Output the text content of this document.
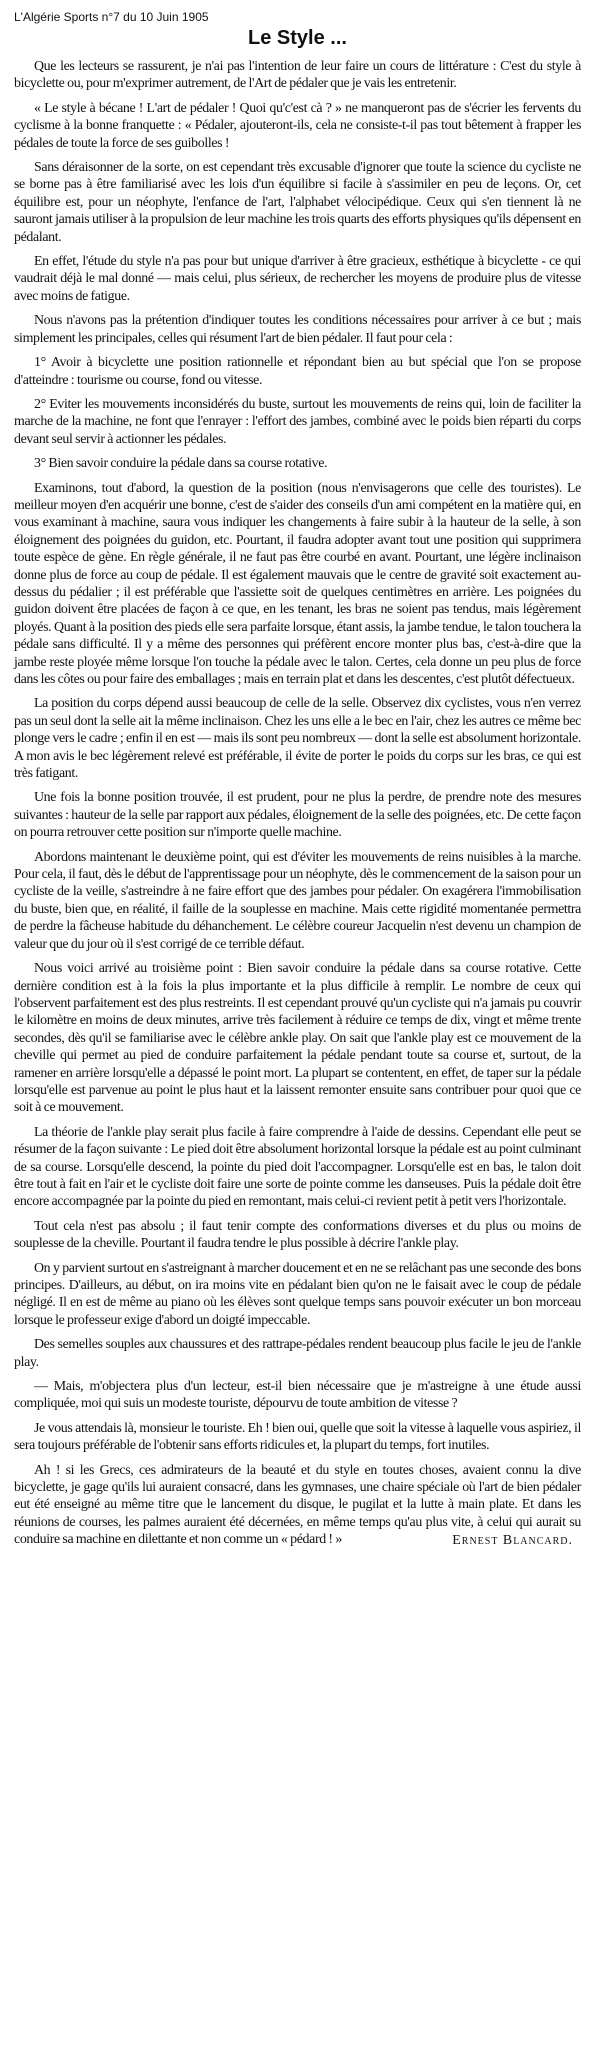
L'Algérie Sports n°7 du 10 Juin 1905
Le Style ...

Que les lecteurs se rassurent, je n'ai pas l'intention de leur faire un cours de littérature : C'est du style à bicyclette ou, pour m'exprimer autrement, de l'Art de pédaler que je vais les entretenir.

« Le style à bécane ! L'art de pédaler ! Quoi qu'c'est cà ? » ne manqueront pas de s'écrier les fervents du cyclisme à la bonne franquette : « Pédaler, ajouteront-ils, cela ne consiste-t-il pas tout bêtement à frapper les pédales de toute la force de ses guibolles !

Sans déraisonner de la sorte, on est cependant très excusable d'ignorer que toute la science du cycliste ne se borne pas à être familiarisé avec les lois d'un équilibre si facile à s'assimiler en peu de leçons. Or, cet équilibre est, pour un néophyte, l'enfance de l'art, l'alphabet vélocipédique. Ceux qui s'en tiennent là ne sauront jamais utiliser à la propulsion de leur machine les trois quarts des efforts physiques qu'ils dépensent en pédalant.

En effet, l'étude du style n'a pas pour but unique d'arriver à être gracieux, esthétique à bicyclette - ce qui vaudrait déjà le mal donné — mais celui, plus sérieux, de rechercher les moyens de produire plus de vitesse avec moins de fatigue.

Nous n'avons pas la prétention d'indiquer toutes les conditions nécessaires pour arriver à ce but ; mais simplement les principales, celles qui résument l'art de bien pédaler. Il faut pour cela :

1° Avoir à bicyclette une position rationnelle et répondant bien au but spécial que l'on se propose d'atteindre : tourisme ou course, fond ou vitesse.

2° Eviter les mouvements inconsidérés du buste, surtout les mouvements de reins qui, loin de faciliter la marche de la machine, ne font que l'enrayer : l'effort des jambes, combiné avec le poids bien réparti du corps devant seul servir à actionner les pédales.

3° Bien savoir conduire la pédale dans sa course rotative.

Examinons, tout d'abord, la question de la position (nous n'envisagerons que celle des touristes). Le meilleur moyen d'en acquérir une bonne, c'est de s'aider des conseils d'un ami compétent en la matière qui, en vous examinant à machine, saura vous indiquer les changements à faire subir à la hauteur de la selle, à son éloignement des poignées du guidon, etc. Pourtant, il faudra adopter avant tout une position qui supprimera toute espèce de gène. En règle générale, il ne faut pas être courbé en avant. Pourtant, une légère inclinaison donne plus de force au coup de pédale. Il est également mauvais que le centre de gravité soit exactement au-dessus du pédalier ; il est préférable que l'assiette soit de quelques centimètres en arrière. Les poignées du guidon doivent être placées de façon à ce que, en les tenant, les bras ne soient pas tendus, mais légèrement ployés. Quant à la position des pieds elle sera parfaite lorsque, étant assis, la jambe tendue, le talon touchera la pédale sans difficulté. Il y a même des personnes qui préfèrent encore monter plus bas, c'est-à-dire que la jambe reste ployée même lorsque l'on touche la pédale avec le talon. Certes, cela donne un peu plus de force dans les côtes ou pour faire des emballages ; mais en terrain plat et dans les descentes, c'est plutôt défectueux.

La position du corps dépend aussi beaucoup de celle de la selle. Observez dix cyclistes, vous n'en verrez pas un seul dont la selle ait la même inclinaison. Chez les uns elle a le bec en l'air, chez les autres ce même bec plonge vers le cadre ; enfin il en est — mais ils sont peu nombreux — dont la selle est absolument horizontale. A mon avis le bec légèrement relevé est préférable, il évite de porter le poids du corps sur les bras, ce qui est très fatigant.

Une fois la bonne position trouvée, il est prudent, pour ne plus la perdre, de prendre note des mesures suivantes : hauteur de la selle par rapport aux pédales, éloignement de la selle des poignées, etc. De cette façon on pourra retrouver cette position sur n'importe quelle machine.

Abordons maintenant le deuxième point, qui est d'éviter les mouvements de reins nuisibles à la marche. Pour cela, il faut, dès le début de l'apprentissage pour un néophyte, dès le commencement de la saison pour un cycliste de la veille, s'astreindre à ne faire effort que des jambes pour pédaler. On exagérera l'immobilisation du buste, bien que, en réalité, il faille de la souplesse en machine. Mais cette rigidité momentanée permettra de perdre la fâcheuse habitude du déhanchement. Le célèbre coureur Jacquelin n'est devenu un champion de valeur que du jour où il s'est corrigé de ce terrible défaut.

Nous voici arrivé au troisième point : Bien savoir conduire la pédale dans sa course rotative. Cette dernière condition est à la fois la plus importante et la plus difficile à remplir. Le nombre de ceux qui l'observent parfaitement est des plus restreints. Il est cependant prouvé qu'un cycliste qui n'a jamais pu couvrir le kilomètre en moins de deux minutes, arrive très facilement à réduire ce temps de dix, vingt et même trente secondes, dès qu'il se familiarise avec le célèbre ankle play. On sait que l'ankle play est ce mouvement de la cheville qui permet au pied de conduire parfaitement la pédale pendant toute sa course et, surtout, de la ramener en arrière lorsqu'elle a dépassé le point mort. La plupart se contentent, en effet, de taper sur la pédale lorsqu'elle est parvenue au point le plus haut et la laissent remonter ensuite sans contribuer pour quoi que ce soit à ce mouvement.

La théorie de l'ankle play serait plus facile à faire comprendre à l'aide de dessins. Cependant elle peut se résumer de la façon suivante : Le pied doit être absolument horizontal lorsque la pédale est au point culminant de sa course. Lorsqu'elle descend, la pointe du pied doit l'accompagner. Lorsqu'elle est en bas, le talon doit être tout à fait en l'air et le cycliste doit faire une sorte de pointe comme les danseuses. Puis la pédale doit être encore accompagnée par la pointe du pied en remontant, mais celui-ci revient petit à petit vers l'horizontale.

Tout cela n'est pas absolu ; il faut tenir compte des conformations diverses et du plus ou moins de souplesse de la cheville. Pourtant il faudra tendre le plus possible à décrire l'ankle play.

On y parvient surtout en s'astreignant à marcher doucement et en ne se relâchant pas une seconde des bons principes. D'ailleurs, au début, on ira moins vite en pédalant bien qu'on ne le faisait avec le coup de pédale négligé. Il en est de même au piano où les élèves sont quelque temps sans pouvoir exécuter un bon morceau lorsque le professeur exige d'abord un doigté impeccable.

Des semelles souples aux chaussures et des rattrape-pédales rendent beaucoup plus facile le jeu de l'ankle play.

— Mais, m'objectera plus d'un lecteur, est-il bien nécessaire que je m'astreigne à une étude aussi compliquée, moi qui suis un modeste touriste, dépourvu de toute ambition de vitesse ?

Je vous attendais là, monsieur le touriste. Eh ! bien oui, quelle que soit la vitesse à laquelle vous aspiriez, il sera toujours préférable de l'obtenir sans efforts ridicules et, la plupart du temps, fort inutiles.

Ah ! si les Grecs, ces admirateurs de la beauté et du style en toutes choses, avaient connu la dive bicyclette, je gage qu'ils lui auraient consacré, dans les gymnases, une chaire spéciale où l'art de bien pédaler eut été enseigné au même titre que le lancement du disque, le pugilat et la lutte à main plate. Et dans les réunions de courses, les palmes auraient été décernées, en même temps qu'au plus vite, à celui qui aurait su conduire sa machine en dilettante et non comme un « pédard ! »	Ernest Blancard.
